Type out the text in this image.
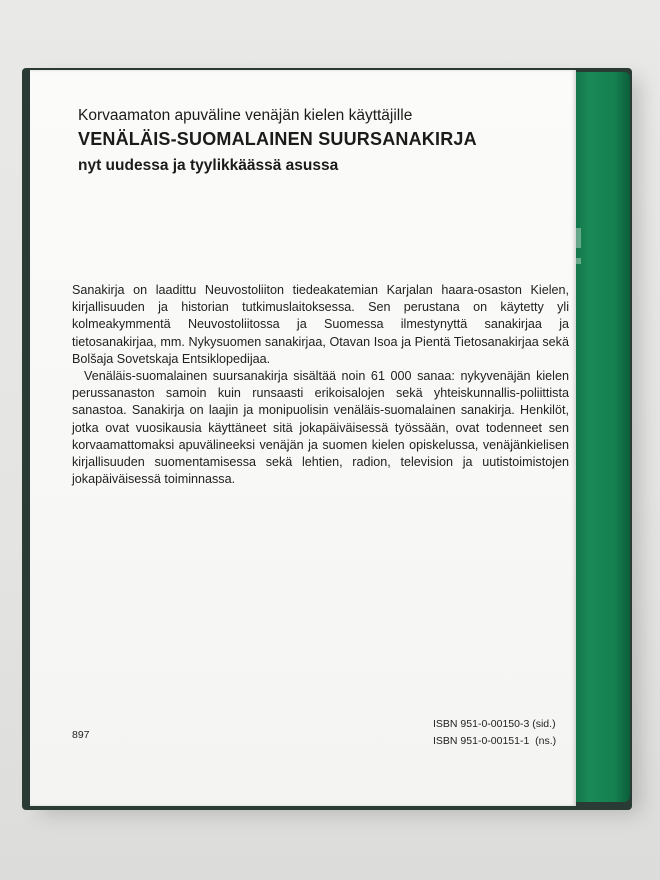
Korvaamaton apuväline venäjän kielen käyttäjille
VENÄLÄIS-SUOMALAINEN SUURSANAKIRJA
nyt uudessa ja tyylikkäässä asussa

Sanakirja on laadittu Neuvostoliiton tiedeakatemian Karjalan haara-osaston Kielen, kirjallisuuden ja historian tutkimuslaitoksessa. Sen perustana on käytetty yli kolmeakymmentä Neuvostoliitossa ja Suomessa ilmestynyttä sanakirjaa ja tietosanakirjaa, mm. Nykysuomen sanakirjaa, Otavan Isoa ja Pientä Tietosanakirjaa sekä Bolšaja Sovetskaja Entsiklopedijaa.

Venäläis-suomalainen suursanakirja sisältää noin 61 000 sanaa: nykyvenäjän kielen perussanaston samoin kuin runsaasti erikoisalojen sekä yhteiskunnallis-poliittista sanastoa. Sanakirja on laajin ja monipuolisin venäläis-suomalainen sanakirja. Henkilöt, jotka ovat vuosikausia käyttäneet sitä jokapäiväisessä työssään, ovat todenneet sen korvaamattomaksi apuvälineeksi venäjän ja suomen kielen opiskelussa, venäjänkielisen kirjallisuuden suomentamisessa sekä lehtien, radion, television ja uutistoimistojen jokapäiväisessä toiminnassa.

897
ISBN 951-0-00150-3 (sid.)
ISBN 951-0-00151-1  (ns.)
